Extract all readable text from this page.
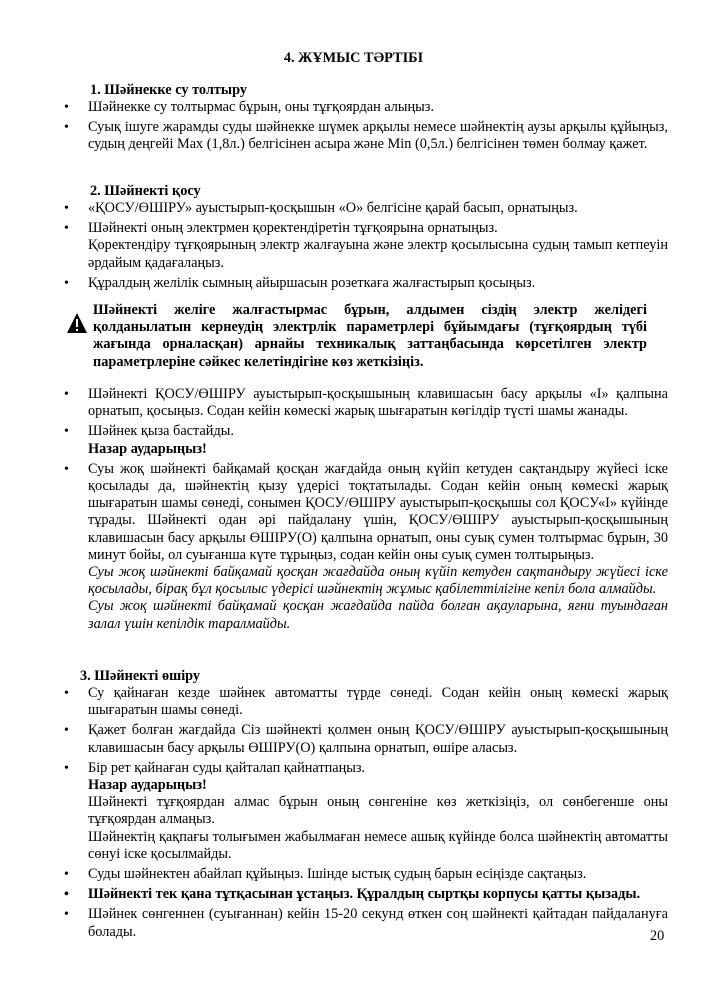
4. ЖҰМЫС ТӘРТІБІ
1. Шәйнекке су толтыру
• Шәйнекке су толтырмас бұрын, оны тұғқоярдан алыңыз.
• Суық ішуге жарамды суды шәйнекке шүмек арқылы немесе шәйнектің аузы арқылы құйыңыз, судың деңгейі Мах (1,8л.) белгісінен асыра және Min (0,5л.) белгісінен төмен болмау қажет.
2. Шәйнекті қосу
• «ҚОСУ/ӨШІРУ» ауыстырып-қосқышын «О» белгісіне қарай басып, орнатыңыз.
• Шәйнекті оның электрмен қоректендіретін тұғқоярына орнатыңыз.
Қоректендіру тұғқоярының электр жалғауына және электр қосылысына судың тамып кетпеуін әрдайым қадағалаңыз.
• Құралдың желілік сымның айыршасын розеткаға жалғастырып қосыңыз.
Шәйнекті желіге жалғастырмас бұрын, алдымен сіздің электр желідегі қолданылатын кернеудің электрлік параметрлері бұйымдағы (тұғқоярдың түбі жағында орналасқан) арнайы техникалық заттаңбасында көрсетілген электр параметрлеріне сәйкес келетіндігіне көз жеткізіңіз.
• Шәйнекті ҚОСУ/ӨШІРУ ауыстырып-қосқышының клавишасын басу арқылы «І» қалпына орнатып, қосыңыз. Содан кейін көмескі жарық шығаратын көгілдір түсті шамы жанады.
• Шәйнек қыза бастайды.
Назар аударыңыз!
• Суы жоқ шәйнекті байқамай қосқан жағдайда оның күйіп кетуден сақтандыру жүйесі іске қосылады да, шәйнектің қызу үдерісі тоқтатылады. Содан кейін оның көмескі жарық шығаратын шамы сөнеді, сонымен ҚОСУ/ӨШІРУ ауыстырып-қосқышы сол ҚОСУ«І» күйінде тұрады. Шәйнекті одан әрі пайдалану үшін, ҚОСУ/ӨШІРУ ауыстырып-қосқышының клавишасын басу арқылы ӨШІРУ(О) қалпына орнатып, оны суық сумен толтырмас бұрын, 30 минут бойы, ол суығанша күте тұрыңыз, содан кейін оны суық сумен толтырыңыз.
Суы жоқ шәйнекті байқамай қосқан жағдайда оның күйіп кетуден сақтандыру жүйесі іске қосылады, бірақ бұл қосылыс үдерісі шәйнектің жұмыс қабілеттілігіне кепіл бола алмайды.
Суы жоқ шәйнекті байқамай қосқан жағдайда пайда болған ақауларына, яғни туындаған залал үшін кепілдік таралмайды.
3. Шәйнекті өшіру
• Су қайнаған кезде шәйнек автоматты түрде сөнеді. Содан кейін оның көмескі жарық шығаратын шамы сөнеді.
• Қажет болған жағдайда Сіз шәйнекті қолмен оның ҚОСУ/ӨШІРУ ауыстырып-қосқышының клавишасын басу арқылы ӨШІРУ(О) қалпына орнатып, өшіре аласыз.
• Бір рет қайнаған суды қайталап қайнатпаңыз.
Назар аударыңыз!
Шәйнекті тұғқоярдан алмас бұрын оның сөнгеніне көз жеткізіңіз, ол сөнбегенше оны тұғқоярдан алмаңыз.
Шәйнектің қақпағы толығымен жабылмаған немесе ашық күйінде болса шәйнектің автоматты сөнуі іске қосылмайды.
• Суды шәйнектен абайлап құйыңыз. Ішінде ыстық судың барын есіңізде сақтаңыз.
• Шәйнекті тек қана тұтқасынан ұстаңыз. Құралдың сыртқы корпусы қатты қызады.
• Шәйнек сөнгеннен (суығаннан) кейін 15-20 секунд өткен соң шәйнекті қайтадан пайдалануға болады.	20
